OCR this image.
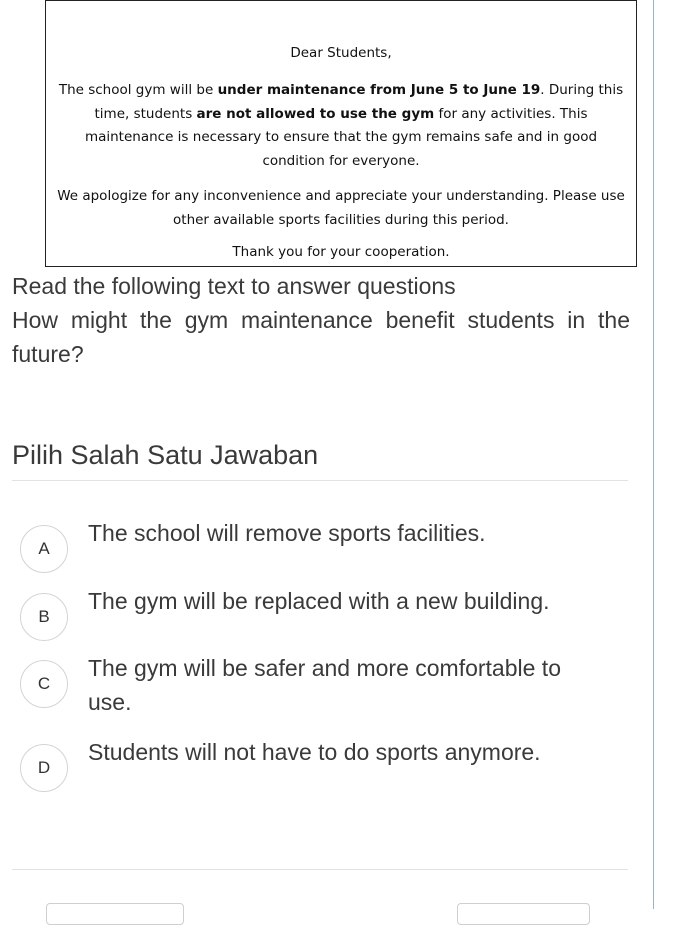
Dear Students,

The school gym will be under maintenance from June 5 to June 19. During this time, students are not allowed to use the gym for any activities. This maintenance is necessary to ensure that the gym remains safe and in good condition for everyone.

We apologize for any inconvenience and appreciate your understanding. Please use other available sports facilities during this period.

Thank you for your cooperation.

Read the following text to answer questions
How might the gym maintenance benefit students in the future?
Pilih Salah Satu Jawaban
A
The school will remove sports facilities.
B
The gym will be replaced with a new building.
C
The gym will be safer and more comfortable to use.
D
Students will not have to do sports anymore.
